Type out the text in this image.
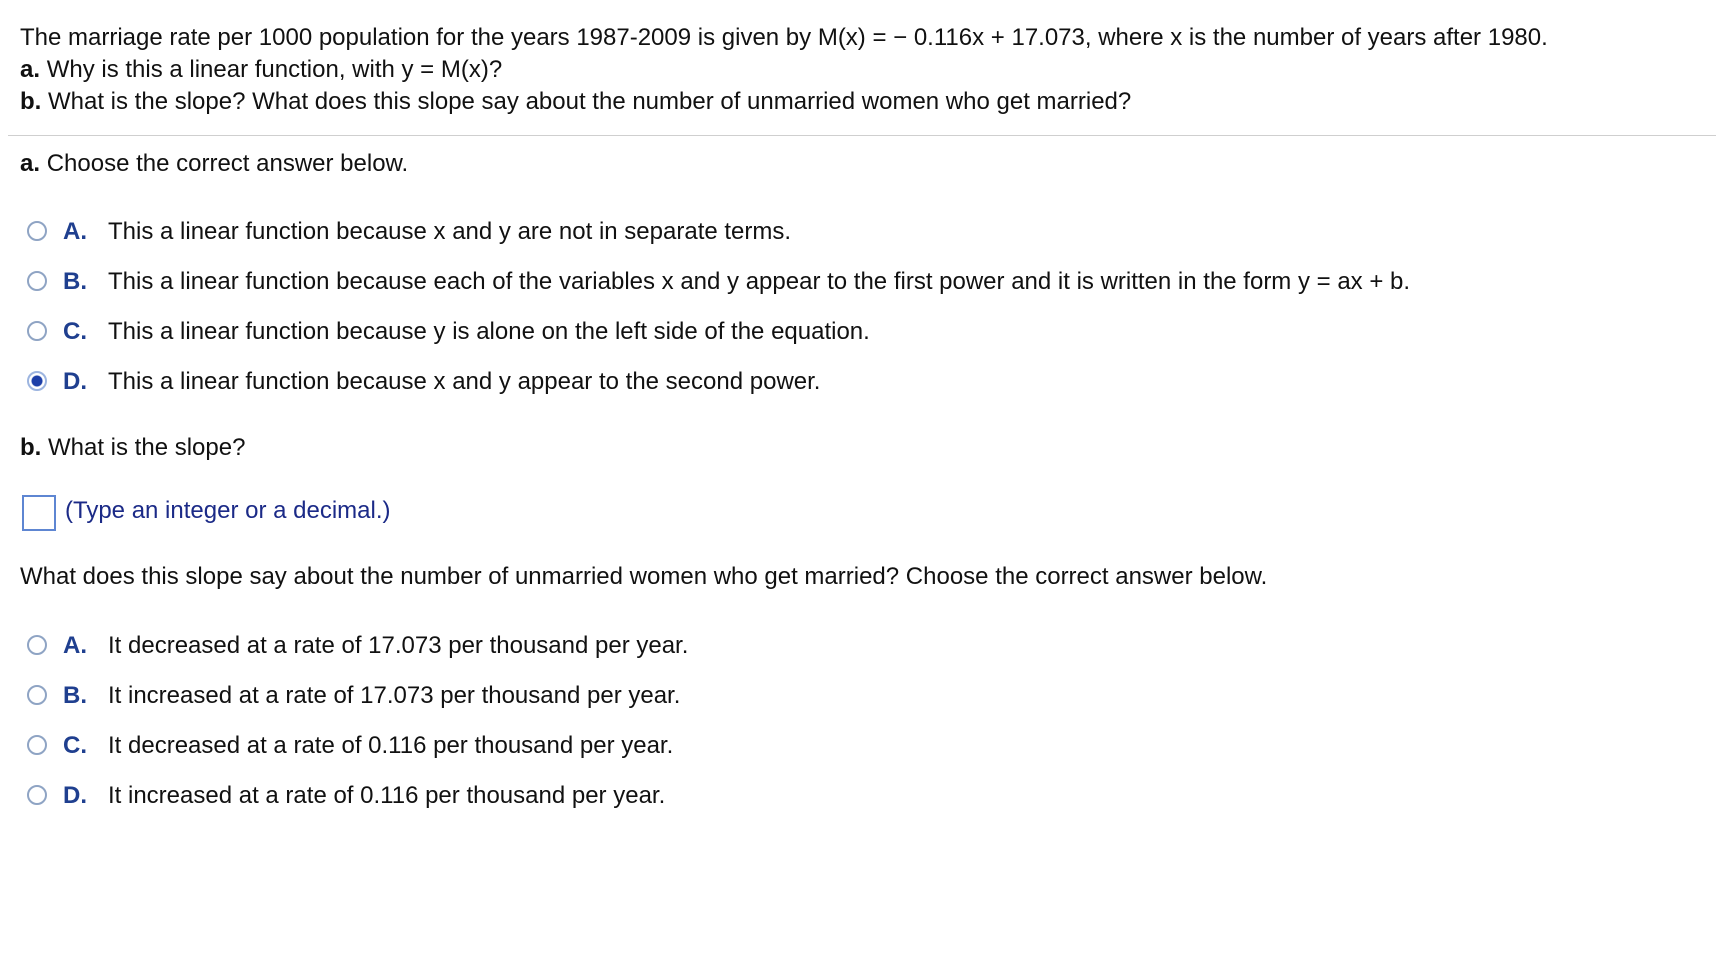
The marriage rate per 1000 population for the years 1987-2009 is given by M(x) = − 0.116x + 17.073, where x is the number of years after 1980.
a. Why is this a linear function, with y = M(x)?
b. What is the slope? What does this slope say about the number of unmarried women who get married?
a. Choose the correct answer below.
A. This a linear function because x and y are not in separate terms.
B. This a linear function because each of the variables x and y appear to the first power and it is written in the form y = ax + b.
C. This a linear function because y is alone on the left side of the equation.
D. This a linear function because x and y appear to the second power.
b. What is the slope?
(Type an integer or a decimal.)
What does this slope say about the number of unmarried women who get married? Choose the correct answer below.
A. It decreased at a rate of 17.073 per thousand per year.
B. It increased at a rate of 17.073 per thousand per year.
C. It decreased at a rate of 0.116 per thousand per year.
D. It increased at a rate of 0.116 per thousand per year.
